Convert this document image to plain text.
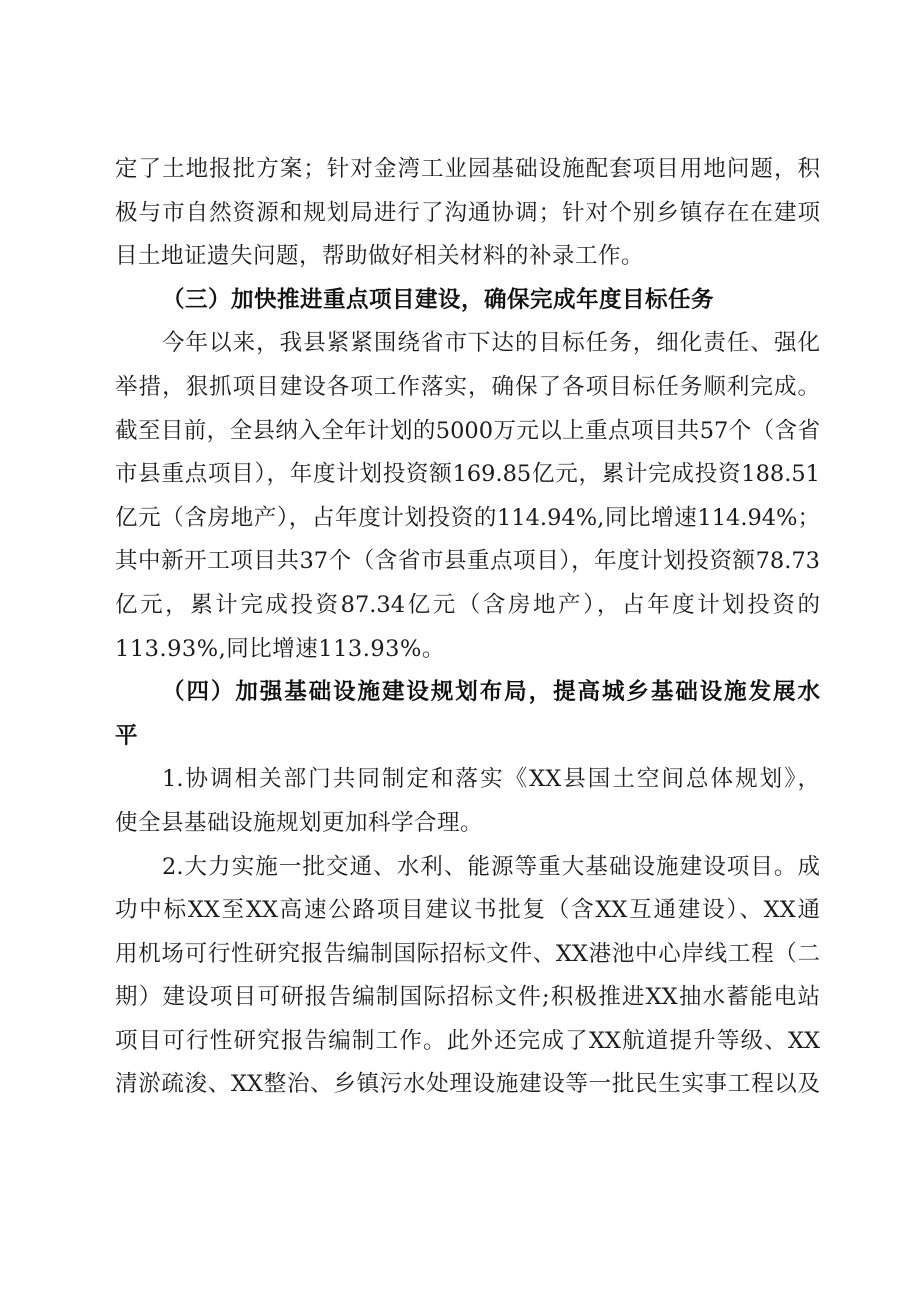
定了土地报批方案；针对金湾工业园基础设施配套项目用地问题，积
极与市自然资源和规划局进行了沟通协调；针对个别乡镇存在在建项
目土地证遗失问题，帮助做好相关材料的补录工作。
（三）加快推进重点项目建设，确保完成年度目标任务
今年以来，我县紧紧围绕省市下达的目标任务，细化责任、强化
举措，狠抓项目建设各项工作落实，确保了各项目标任务顺利完成。
截至目前，全县纳入全年计划的5000万元以上重点项目共57个（含省
市县重点项目），年度计划投资额169.85亿元，累计完成投资188.51
亿元（含房地产），占年度计划投资的114.94%,同比增速114.94%；
其中新开工项目共37个（含省市县重点项目），年度计划投资额78.73
亿元，累计完成投资87.34亿元（含房地产），占年度计划投资的
113.93%,同比增速113.93%。
（四）加强基础设施建设规划布局，提高城乡基础设施发展水
平
1.协调相关部门共同制定和落实《XX县国土空间总体规划》，
使全县基础设施规划更加科学合理。
2.大力实施一批交通、水利、能源等重大基础设施建设项目。成
功中标XX至XX高速公路项目建议书批复（含XX互通建设）、XX通
用机场可行性研究报告编制国际招标文件、XX港池中心岸线工程（二
期）建设项目可研报告编制国际招标文件;积极推进XX抽水蓄能电站
项目可行性研究报告编制工作。此外还完成了XX航道提升等级、XX
清淤疏浚、XX整治、乡镇污水处理设施建设等一批民生实事工程以及
